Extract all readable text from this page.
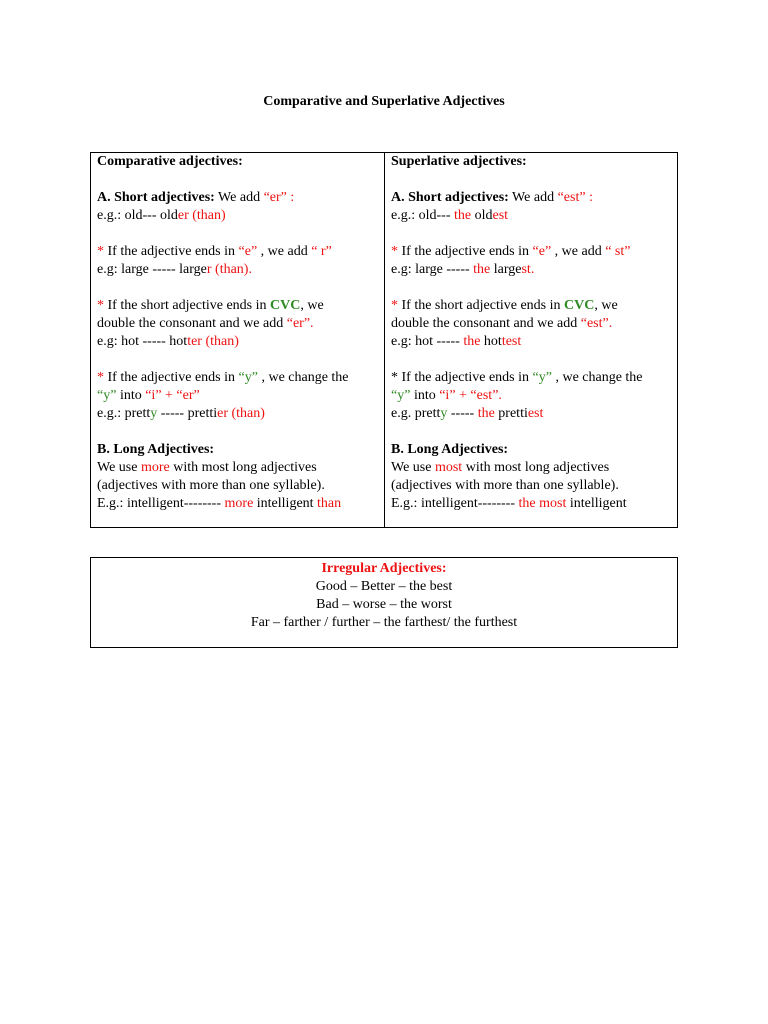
Comparative and Superlative Adjectives
Comparative adjectives:
A. Short adjectives: We add “er” :
e.g.: old--- older (than)
* If the adjective ends in “e” , we add “ r”
e.g: large ----- larger (than).
* If the short adjective ends in CVC, we
double the consonant and we add “er”.
e.g: hot ----- hotter (than)
* If the adjective ends in “y” , we change the
“y” into “i” + “er”
e.g.: pretty ----- prettier (than)
B. Long Adjectives:
We use more with most long adjectives
(adjectives with more than one syllable).
E.g.: intelligent-------- more intelligent than
Superlative adjectives:
A. Short adjectives: We add “est” :
e.g.: old--- the oldest
* If the adjective ends in “e” , we add “ st”
e.g: large ----- the largest.
* If the short adjective ends in CVC, we
double the consonant and we add “est”.
e.g: hot ----- the hottest
* If the adjective ends in “y” , we change the
“y” into “i” + “est”.
e.g. pretty ----- the prettiest
B. Long Adjectives:
We use most with most long adjectives
(adjectives with more than one syllable).
E.g.: intelligent-------- the most intelligent
Irregular Adjectives:
Good – Better – the best
Bad – worse – the worst
Far – farther / further – the farthest/ the furthest
